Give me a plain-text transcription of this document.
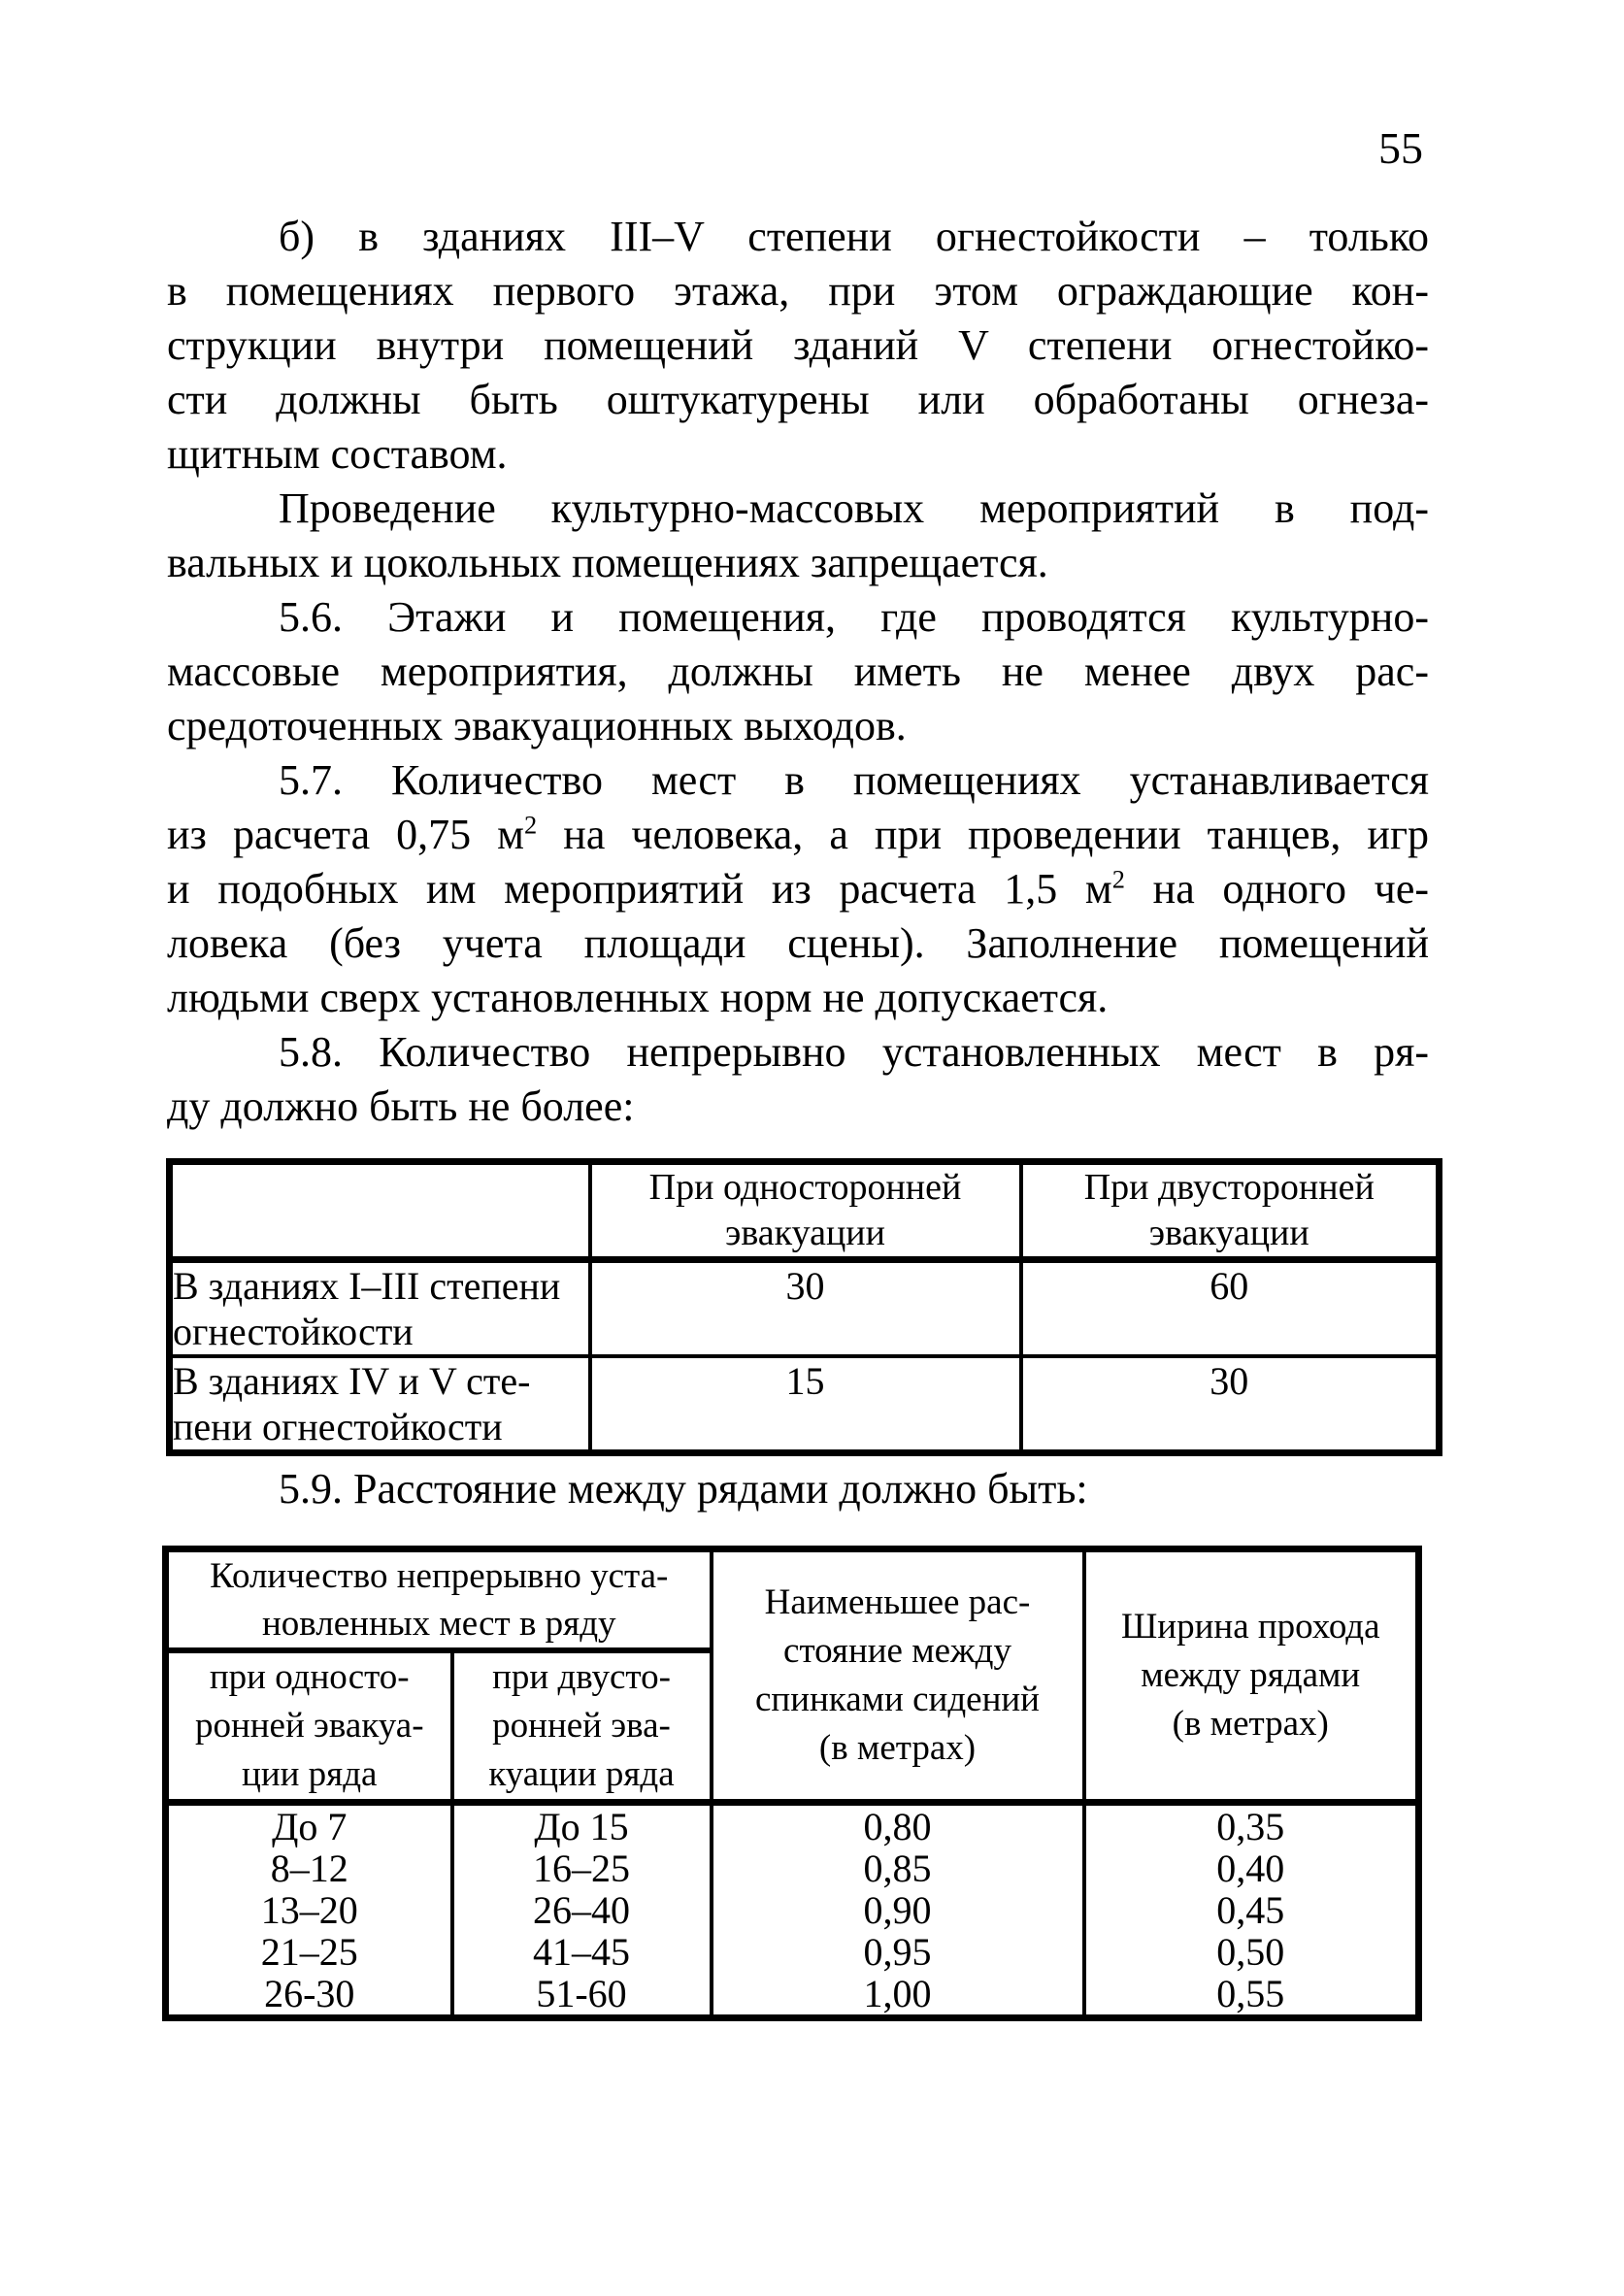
55
б) в зданиях III–V степени огнестойкости – только
в помещениях первого этажа, при этом ограждающие кон-
струкции внутри помещений зданий V степени огнестойко-
сти должны быть оштукатурены или обработаны огнеза-
щитным составом.
Проведение культурно-массовых мероприятий в под-
вальных и цокольных помещениях запрещается.
5.6. Этажи и помещения, где проводятся культурно-
массовые мероприятия, должны иметь не менее двух рас-
средоточенных эвакуационных выходов.
5.7. Количество мест в помещениях устанавливается
из расчета 0,75 $м^2$ на человека, а при проведении танцев, игр
и подобных им мероприятий из расчета 1,5 $м^2$ на одного че-
ловека (без учета площади сцены). Заполнение помещений
людьми сверх установленных норм не допускается.
5.8. Количество непрерывно установленных мест в ря-
ду должно быть не более:
5.9. Расстояние между рядами должно быть:
	При односторонней
эвакуации	При двусторонней
эвакуации
В зданиях I–III степени
огнестойкости	30	60
В зданиях IV и V сте-
пени огнестойкости	15	30
Количество непрерывно уста-
новленных мест в ряду		Наименьшее рас-
стояние между
спинками сидений
(в метрах)	Ширина прохода
между рядами
(в метрах)
при односто-
ронней эвакуа-
ции ряда	при двусто-
ронней эва-
куации ряда		
До 7	До 15	0,80	0,35
8–12	16–25	0,85	0,40
13–20	26–40	0,90	0,45
21–25	41–45	0,95	0,50
26-30	51-60	1,00	0,55
